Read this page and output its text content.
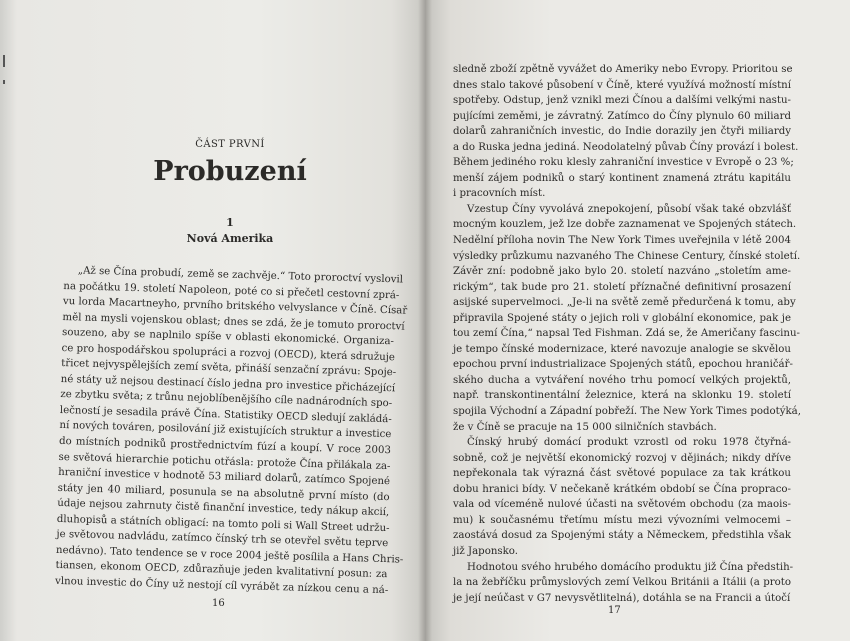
ČÁST PRVNÍ
Probuzení
1
Nová Amerika
„Až se Čína probudí, země se zachvěje.“ Toto proroctví vyslovil
na počátku 19. století Napoleon, poté co si přečetl cestovní zprá-
vu lorda Macartneyho, prvního britského velvyslance v Číně. Císař
měl na mysli vojenskou oblast; dnes se zdá, že je tomuto proroctví
souzeno, aby se naplnilo spíše v oblasti ekonomické. Organiza-
ce pro hospodářskou spolupráci a rozvoj (OECD), která sdružuje
třicet nejvyspělejších zemí světa, přináší senzační zprávu: Spoje-
né státy už nejsou destinací číslo jedna pro investice přicházející
ze zbytku světa; z trůnu nejoblíbenějšího cíle nadnárodních spo-
lečností je sesadila právě Čína. Statistiky OECD sledují zakládá-
ní nových továren, posilování již existujících struktur a investice
do místních podniků prostřednictvím fúzí a koupí. V roce 2003
se světová hierarchie potichu otřásla: protože Čína přilákala za-
hraniční investice v hodnotě 53 miliard dolarů, zatímco Spojené
státy jen 40 miliard, posunula se na absolutně první místo (do
údaje nejsou zahrnuty čistě finanční investice, tedy nákup akcií,
dluhopisů a státních obligací: na tomto poli si Wall Street udržu-
je světovou nadvládu, zatímco čínský trh se otevřel světu teprve
nedávno). Tato tendence se v roce 2004 ještě posílila a Hans Chris-
tiansen, ekonom OECD, zdůrazňuje jeden kvalitativní posun: za
vlnou investic do Číny už nestojí cíl vyrábět za nízkou cenu a ná-
16
sledně zboží zpětně vyvážet do Ameriky nebo Evropy. Prioritou se
dnes stalo takové působení v Číně, které využívá možností místní
spotřeby. Odstup, jenž vznikl mezi Čínou a dalšími velkými nastu-
pujícími zeměmi, je závratný. Zatímco do Číny plynulo 60 miliard
dolarů zahraničních investic, do Indie dorazily jen čtyři miliardy
a do Ruska jedna jediná. Neodolatelný půvab Číny provází i bolest.
Během jediného roku klesly zahraniční investice v Evropě o 23 %;
menší zájem podniků o starý kontinent znamená ztrátu kapitálu
i pracovních míst.
Vzestup Číny vyvolává znepokojení, působí však také obzvlášť
mocným kouzlem, jež lze dobře zaznamenat ve Spojených státech.
Nedělní příloha novin The New York Times uveřejnila v létě 2004
výsledky průzkumu nazvaného The Chinese Century, čínské století.
Závěr zní: podobně jako bylo 20. století nazváno „stoletím ame-
rickým“, tak bude pro 21. století příznačné definitivní prosazení
asijské supervelmoci. „Je-li na světě země předurčená k tomu, aby
připravila Spojené státy o jejich roli v globální ekonomice, pak je
tou zemí Čína,“ napsal Ted Fishman. Zdá se, že Američany fascinu-
je tempo čínské modernizace, které navozuje analogie se skvělou
epochou první industrializace Spojených států, epochou hraničář-
ského ducha a vytváření nového trhu pomocí velkých projektů,
např. transkontinentální železnice, která na sklonku 19. století
spojila Východní a Západní pobřeží. The New York Times podotýká,
že v Číně se pracuje na 15 000 silničních stavbách.
Čínský hrubý domácí produkt vzrostl od roku 1978 čtyřná-
sobně, což je největší ekonomický rozvoj v dějinách; nikdy dříve
nepřekonala tak výrazná část světové populace za tak krátkou
dobu hranici bídy. V nečekaně krátkém období se Čína propraco-
vala od víceméně nulové účasti na světovém obchodu (za maois-
mu) k současnému třetímu místu mezi vývozními velmocemi –
zaostává dosud za Spojenými státy a Německem, předstihla však
již Japonsko.
Hodnotou svého hrubého domácího produktu již Čína předstih-
la na žebříčku průmyslových zemí Velkou Británii a Itálii (a proto
je její neúčast v G7 nevysvětlitelná), dotáhla se na Francii a útočí
17
